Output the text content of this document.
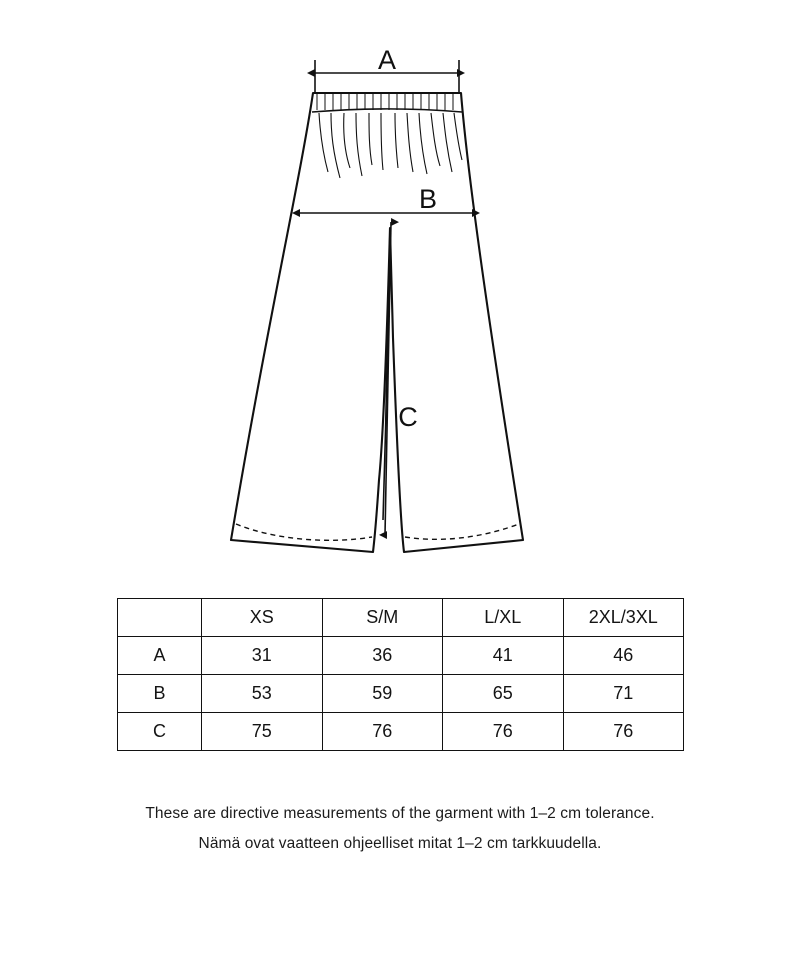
A
B
C
	XS	S/M	L/XL	2XL/3XL
A	31	36	41	46
B	53	59	65	71
C	75	76	76	76

These are directive measurements of the garment with 1–2 cm tolerance.

Nämä ovat vaatteen ohjeelliset mitat 1–2 cm tarkkuudella.
